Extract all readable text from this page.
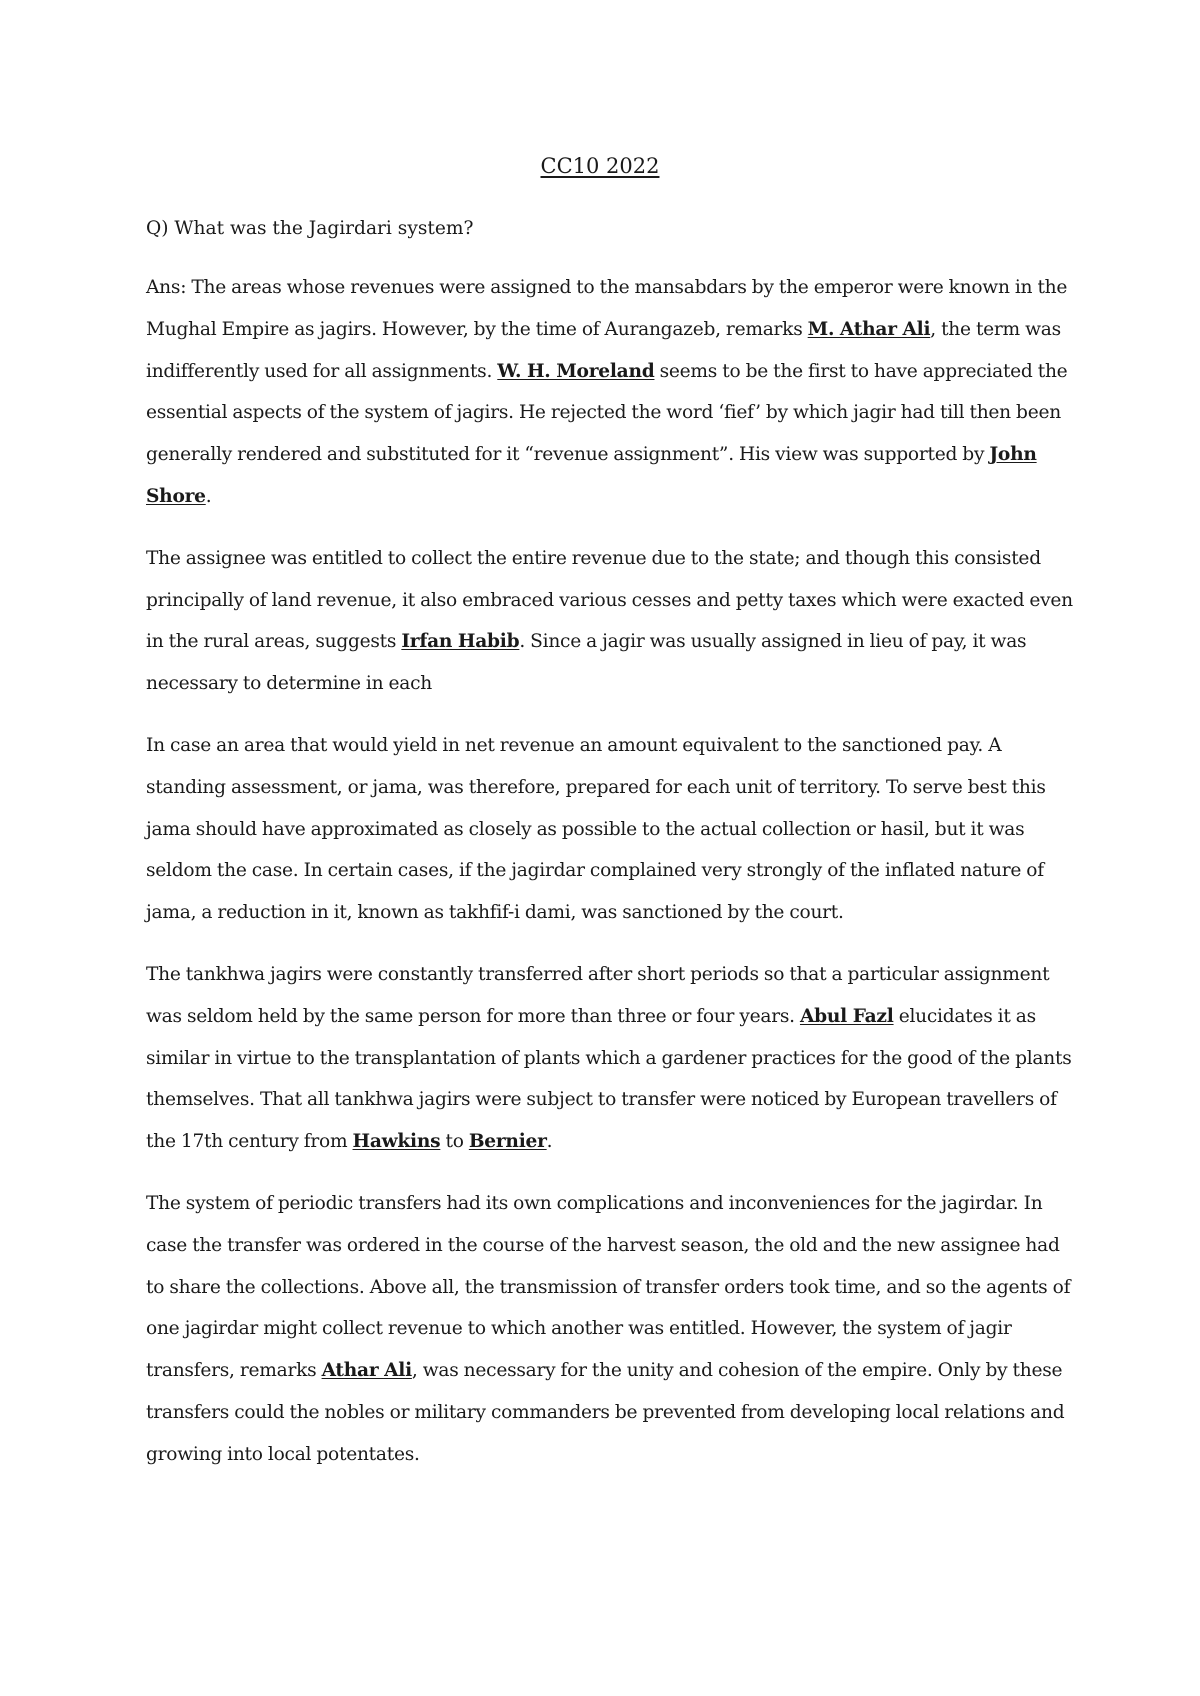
CC10 2022

Q) What was the Jagirdari system?

Ans: The areas whose revenues were assigned to the mansabdars by the emperor were known in the Mughal Empire as jagirs. However, by the time of Aurangazeb, remarks M. Athar Ali, the term was indifferently used for all assignments. W. H. Moreland seems to be the first to have appreciated the essential aspects of the system of jagirs. He rejected the word ‘fief’ by which jagir had till then been generally rendered and substituted for it “revenue assignment”. His view was supported by John Shore.

The assignee was entitled to collect the entire revenue due to the state; and though this consisted principally of land revenue, it also embraced various cesses and petty taxes which were exacted even in the rural areas, suggests Irfan Habib. Since a jagir was usually assigned in lieu of pay, it was necessary to determine in each

In case an area that would yield in net revenue an amount equivalent to the sanctioned pay. A standing assessment, or jama, was therefore, prepared for each unit of territory. To serve best this jama should have approximated as closely as possible to the actual collection or hasil, but it was seldom the case. In certain cases, if the jagirdar complained very strongly of the inflated nature of jama, a reduction in it, known as takhfif-i dami, was sanctioned by the court.

The tankhwa jagirs were constantly transferred after short periods so that a particular assignment was seldom held by the same person for more than three or four years. Abul Fazl elucidates it as similar in virtue to the transplantation of plants which a gardener practices for the good of the plants themselves. That all tankhwa jagirs were subject to transfer were noticed by European travellers of the 17th century from Hawkins to Bernier.

The system of periodic transfers had its own complications and inconveniences for the jagirdar. In case the transfer was ordered in the course of the harvest season, the old and the new assignee had to share the collections. Above all, the transmission of transfer orders took time, and so the agents of one jagirdar might collect revenue to which another was entitled. However, the system of jagir transfers, remarks Athar Ali, was necessary for the unity and cohesion of the empire. Only by these transfers could the nobles or military commanders be prevented from developing local relations and growing into local potentates.
